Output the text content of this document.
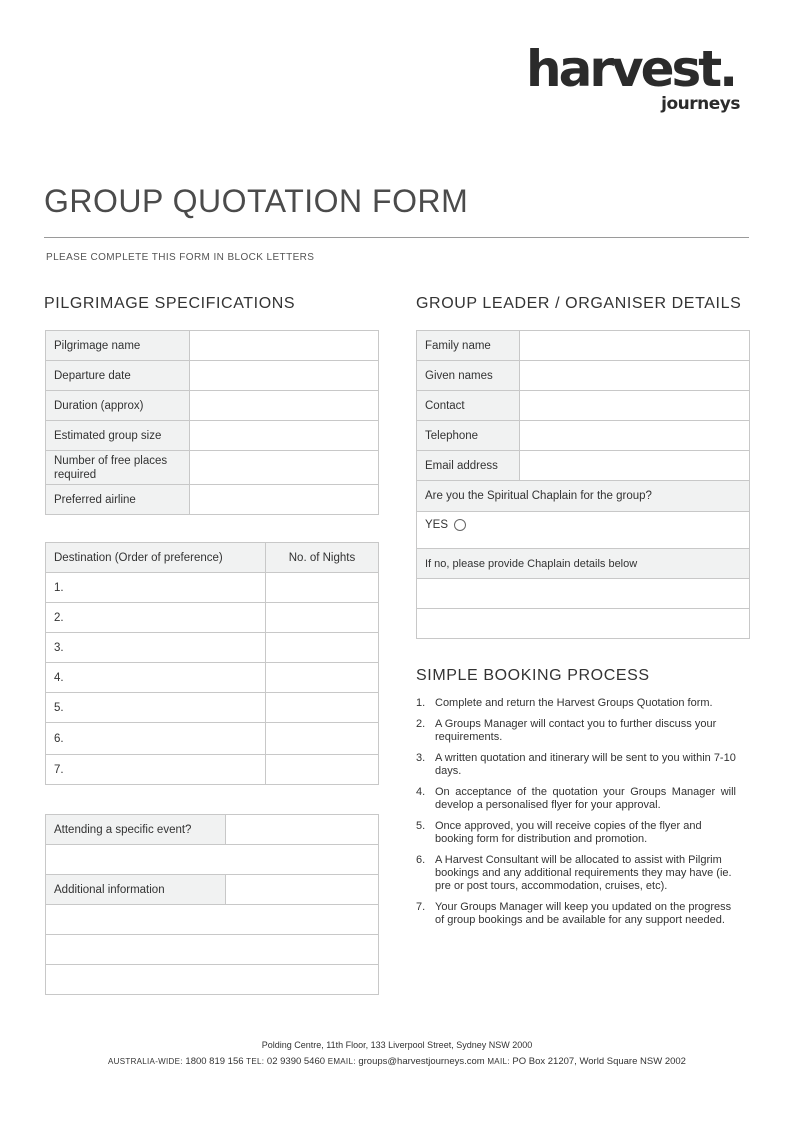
harvest.
journeys
GROUP QUOTATION FORM
PLEASE COMPLETE THIS FORM IN BLOCK LETTERS
PILGRIMAGE SPECIFICATIONS
Pilgrimage name	
Departure date	
Duration (approx)	
Estimated group size	
Number of free places required	
Preferred airline	
Destination (Order of preference)	No. of Nights
1.	
2.	
3.	
4.	
5.	
6.	
7.	
Attending a specific event?	

Additional information	

GROUP LEADER / ORGANISER DETAILS
Family name	
Given names	
Contact	
Telephone	
Email address	
Are you the Spiritual Chaplain for the group?	
YES	
If no, please provide Chaplain details below	

SIMPLE BOOKING PROCESS
1. Complete and return the Harvest Groups Quotation form.
2. A Groups Manager will contact you to further discuss your requirements.
3. A written quotation and itinerary will be sent to you within 7-10 days.
4. On acceptance of the quotation your Groups Manager will develop a personalised flyer for your approval.
5. Once approved, you will receive copies of the flyer and booking form for distribution and promotion.
6. A Harvest Consultant will be allocated to assist with Pilgrim bookings and any additional requirements they may have (ie. pre or post tours, accommodation, cruises, etc).
7. Your Groups Manager will keep you updated on the progress of group bookings and be available for any support needed.
Polding Centre, 11th Floor, 133 Liverpool Street, Sydney NSW 2000
AUSTRALIA-WIDE: 1800 819 156 TEL: 02 9390 5460 EMAIL: groups@harvestjourneys.com MAIL: PO Box 21207, World Square NSW 2002
